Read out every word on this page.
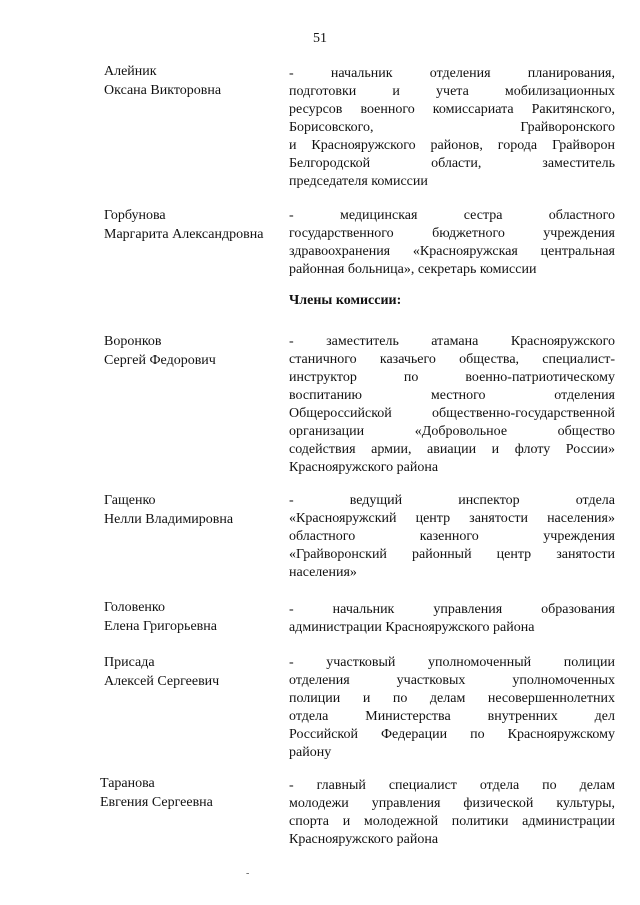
51
Алейник
Оксана Викторовна
- начальник отделения планирования,
подготовки и учета мобилизационных
ресурсов военного комиссариата Ракитянского,
Борисовского, Грайворонского
и Краснояружского районов, города Грайворон
Белгородской области, заместитель
председателя комиссии
Горбунова
Маргарита Александровна
- медицинская сестра областного
государственного бюджетного учреждения
здравоохранения «Краснояружская центральная
районная больница», секретарь комиссии
Члены комиссии:
Воронков
Сергей Федорович
- заместитель атамана Краснояружского
станичного казачьего общества, специалист-
инструктор по военно-патриотическому
воспитанию местного отделения
Общероссийской общественно-государственной
организации «Добровольное общество
содействия армии, авиации и флоту России»
Краснояружского района
Гащенко
Нелли Владимировна
- ведущий инспектор отдела
«Краснояружский центр занятости населения»
областного казенного учреждения
«Грайворонский районный центр занятости
населения»
Головенко
Елена Григорьевна
- начальник управления образования
администрации Краснояружского района
Присада
Алексей Сергеевич
- участковый уполномоченный полиции
отделения участковых уполномоченных
полиции и по делам несовершеннолетних
отдела Министерства внутренних дел
Российской Федерации по Краснояружскому
району
Таранова
Евгения Сергеевна
- главный специалист отдела по делам
молодежи управления физической культуры,
спорта и молодежной политики администрации
Краснояружского района
-
